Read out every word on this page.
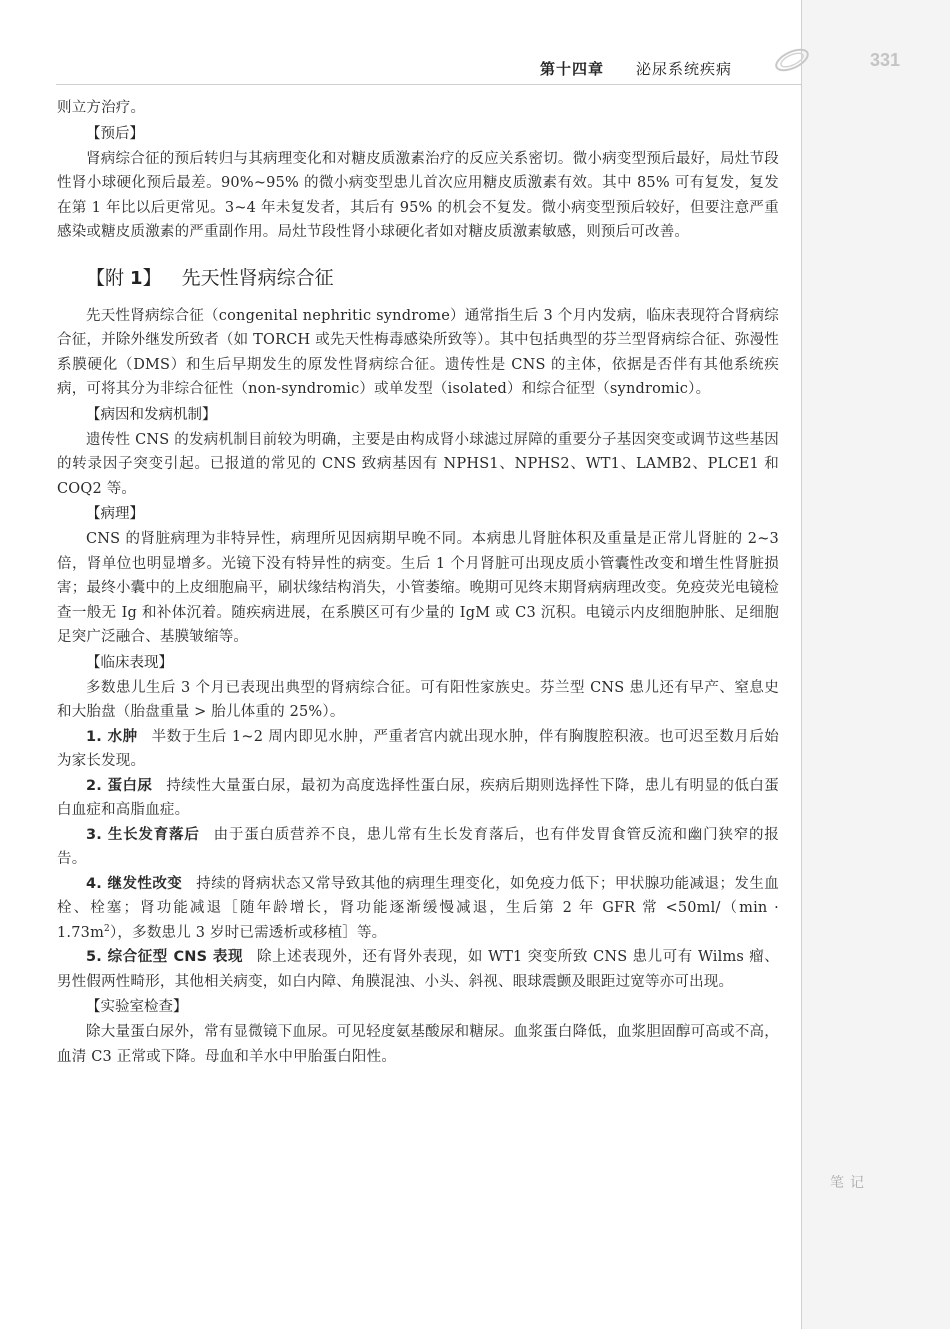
第十四章 泌尿系统疾病	331

则立方治疗。

【预后】

肾病综合征的预后转归与其病理变化和对糖皮质激素治疗的反应关系密切。微小病变型预后最好，局灶节段性肾小球硬化预后最差。90%~95% 的微小病变型患儿首次应用糖皮质激素有效。其中 85% 可有复发，复发在第 1 年比以后更常见。3~4 年未复发者，其后有 95% 的机会不复发。微小病变型预后较好，但要注意严重感染或糖皮质激素的严重副作用。局灶节段性肾小球硬化者如对糖皮质激素敏感，则预后可改善。

【附 1】 先天性肾病综合征

先天性肾病综合征（congenital nephritic syndrome）通常指生后 3 个月内发病，临床表现符合肾病综合征，并除外继发所致者（如 TORCH 或先天性梅毒感染所致等）。其中包括典型的芬兰型肾病综合征、弥漫性系膜硬化（DMS）和生后早期发生的原发性肾病综合征。遗传性是 CNS 的主体，依据是否伴有其他系统疾病，可将其分为非综合征性（non-syndromic）或单发型（isolated）和综合征型（syndromic）。

【病因和发病机制】

遗传性 CNS 的发病机制目前较为明确，主要是由构成肾小球滤过屏障的重要分子基因突变或调节这些基因的转录因子突变引起。已报道的常见的 CNS 致病基因有 NPHS1、NPHS2、WT1、LAMB2、PLCE1 和 COQ2 等。

【病理】

CNS 的肾脏病理为非特异性，病理所见因病期早晚不同。本病患儿肾脏体积及重量是正常儿肾脏的 2~3 倍，肾单位也明显增多。光镜下没有特异性的病变。生后 1 个月肾脏可出现皮质小管囊性改变和增生性肾脏损害；最终小囊中的上皮细胞扁平，刷状缘结构消失，小管萎缩。晚期可见终末期肾病病理改变。免疫荧光电镜检查一般无 Ig 和补体沉着。随疾病进展，在系膜区可有少量的 IgM 或 C3 沉积。电镜示内皮细胞肿胀、足细胞足突广泛融合、基膜皱缩等。

【临床表现】

多数患儿生后 3 个月已表现出典型的肾病综合征。可有阳性家族史。芬兰型 CNS 患儿还有早产、窒息史和大胎盘（胎盘重量 > 胎儿体重的 25%）。

1. 水肿 半数于生后 1~2 周内即见水肿，严重者宫内就出现水肿，伴有胸腹腔积液。也可迟至数月后始为家长发现。

2. 蛋白尿 持续性大量蛋白尿，最初为高度选择性蛋白尿，疾病后期则选择性下降，患儿有明显的低白蛋白血症和高脂血症。

3. 生长发育落后 由于蛋白质营养不良，患儿常有生长发育落后，也有伴发胃食管反流和幽门狭窄的报告。

4. 继发性改变 持续的肾病状态又常导致其他的病理生理变化，如免疫力低下；甲状腺功能减退；发生血栓、栓塞；肾功能减退［随年龄增长，肾功能逐渐缓慢减退，生后第 2 年 GFR 常 $<50ml/(\min \cdot 1.73m^2)$，多数患儿 3 岁时已需透析或移植］等。

5. 综合征型 CNS 表现 除上述表现外，还有肾外表现，如 WT1 突变所致 CNS 患儿可有 Wilms 瘤、男性假两性畸形，其他相关病变，如白内障、角膜混浊、小头、斜视、眼球震颤及眼距过宽等亦可出现。

【实验室检查】

除大量蛋白尿外，常有显微镜下血尿。可见轻度氨基酸尿和糖尿。血浆蛋白降低，血浆胆固醇可高或不高，血清 C3 正常或下降。母血和羊水中甲胎蛋白阳性。

笔记
